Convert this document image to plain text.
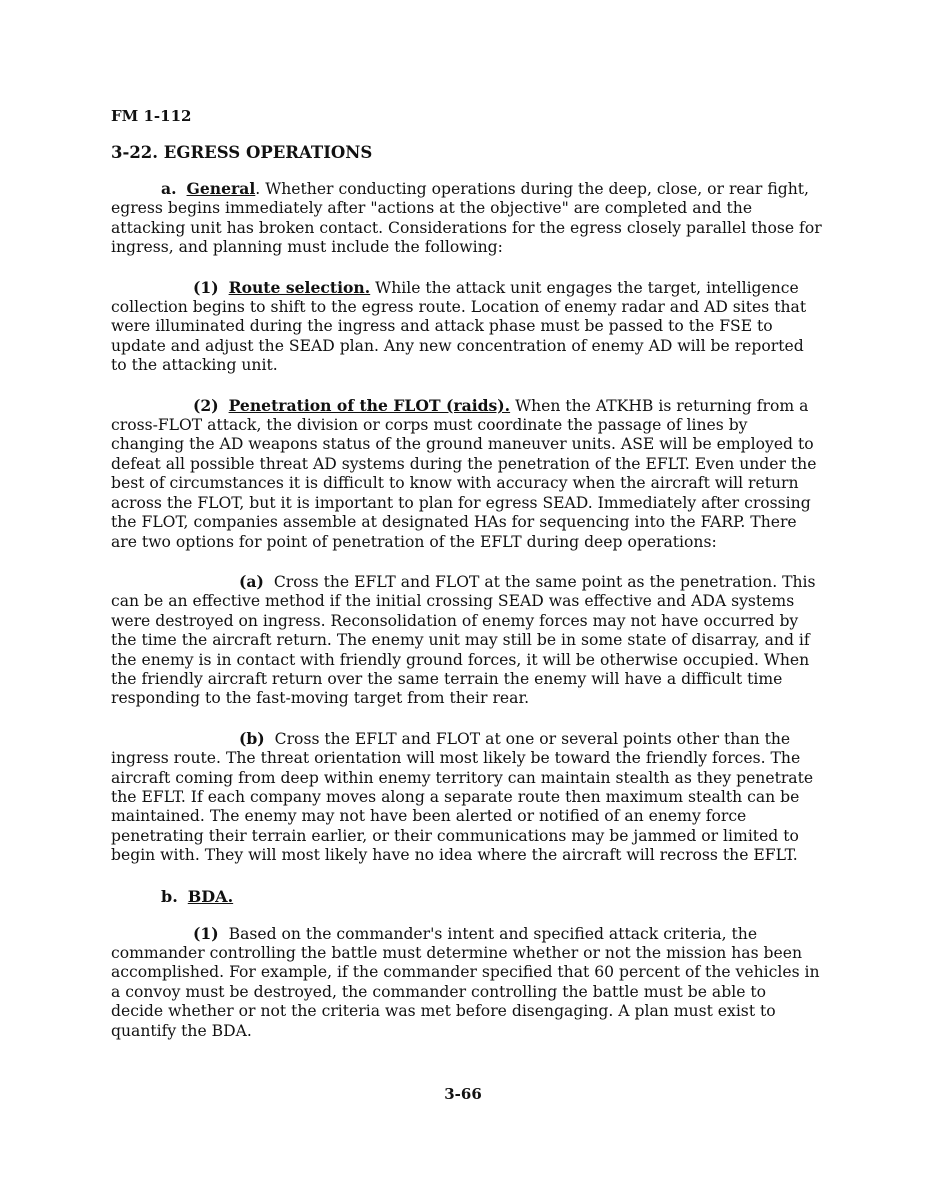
FM 1-112
3-22. EGRESS OPERATIONS

a. General. Whether conducting operations during the deep, close, or rear fight, egress begins immediately after "actions at the objective" are completed and the attacking unit has broken contact. Considerations for the egress closely parallel those for ingress, and planning must include the following:

(1) Route selection. While the attack unit engages the target, intelligence collection begins to shift to the egress route. Location of enemy radar and AD sites that were illuminated during the ingress and attack phase must be passed to the FSE to update and adjust the SEAD plan. Any new concentration of enemy AD will be reported to the attacking unit.

(2) Penetration of the FLOT (raids). When the ATKHB is returning from a cross-FLOT attack, the division or corps must coordinate the passage of lines by changing the AD weapons status of the ground maneuver units. ASE will be employed to defeat all possible threat AD systems during the penetration of the EFLT. Even under the best of circumstances it is difficult to know with accuracy when the aircraft will return across the FLOT, but it is important to plan for egress SEAD. Immediately after crossing the FLOT, companies assemble at designated HAs for sequencing into the FARP. There are two options for point of penetration of the EFLT during deep operations:

(a) Cross the EFLT and FLOT at the same point as the penetration. This can be an effective method if the initial crossing SEAD was effective and ADA systems were destroyed on ingress. Reconsolidation of enemy forces may not have occurred by the time the aircraft return. The enemy unit may still be in some state of disarray, and if the enemy is in contact with friendly ground forces, it will be otherwise occupied. When the friendly aircraft return over the same terrain the enemy will have a difficult time responding to the fast-moving target from their rear.

(b) Cross the EFLT and FLOT at one or several points other than the ingress route. The threat orientation will most likely be toward the friendly forces. The aircraft coming from deep within enemy territory can maintain stealth as they penetrate the EFLT. If each company moves along a separate route then maximum stealth can be maintained. The enemy may not have been alerted or notified of an enemy force penetrating their terrain earlier, or their communications may be jammed or limited to begin with. They will most likely have no idea where the aircraft will recross the EFLT.

b. BDA.

(1) Based on the commander's intent and specified attack criteria, the commander controlling the battle must determine whether or not the mission has been accomplished. For example, if the commander specified that 60 percent of the vehicles in a convoy must be destroyed, the commander controlling the battle must be able to decide whether or not the criteria was met before disengaging. A plan must exist to quantify the BDA.

3-66
